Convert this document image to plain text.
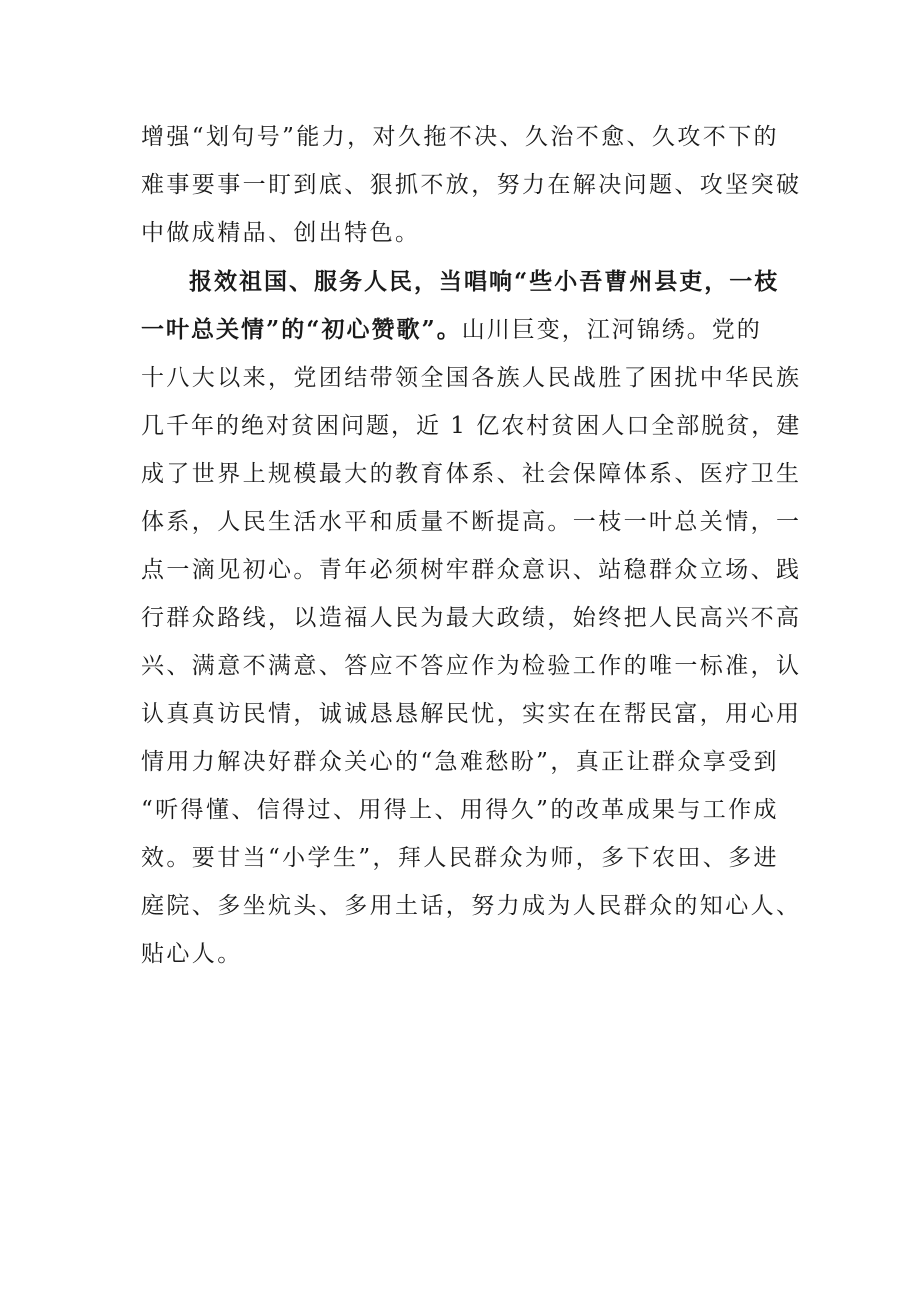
增强“划句号”能力，对久拖不决、久治不愈、久攻不下的
难事要事一盯到底、狠抓不放，努力在解决问题、攻坚突破
中做成精品、创出特色。
报效祖国、服务人民，当唱响“些小吾曹州县吏，一枝
一叶总关情”的“初心赞歌”。山川巨变，江河锦绣。党的
十八大以来，党团结带领全国各族人民战胜了困扰中华民族
几千年的绝对贫困问题，近 1 亿农村贫困人口全部脱贫，建
成了世界上规模最大的教育体系、社会保障体系、医疗卫生
体系，人民生活水平和质量不断提高。一枝一叶总关情，一
点一滴见初心。青年必须树牢群众意识、站稳群众立场、践
行群众路线，以造福人民为最大政绩，始终把人民高兴不高
兴、满意不满意、答应不答应作为检验工作的唯一标准，认
认真真访民情，诚诚恳恳解民忧，实实在在帮民富，用心用
情用力解决好群众关心的“急难愁盼”，真正让群众享受到
“听得懂、信得过、用得上、用得久”的改革成果与工作成
效。要甘当“小学生”，拜人民群众为师，多下农田、多进
庭院、多坐炕头、多用土话，努力成为人民群众的知心人、
贴心人。
